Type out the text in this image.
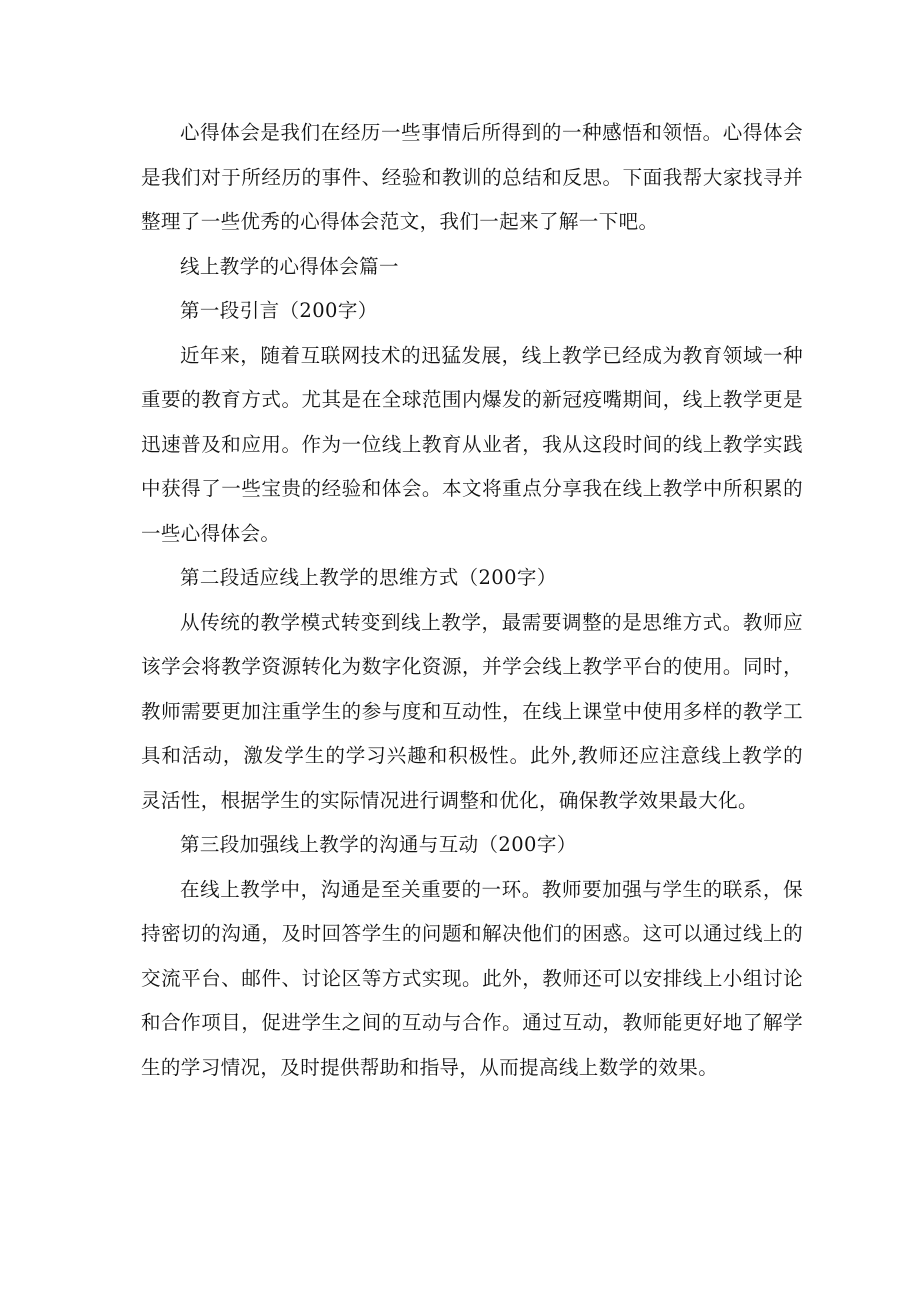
心得体会是我们在经历一些事情后所得到的一种感悟和领悟。心得体会是我们对于所经历的事件、经验和教训的总结和反思。下面我帮大家找寻并整理了一些优秀的心得体会范文，我们一起来了解一下吧。

线上教学的心得体会篇一

第一段引言（200字）

近年来，随着互联网技术的迅猛发展，线上教学已经成为教育领域一种重要的教育方式。尤其是在全球范围内爆发的新冠疫嘴期间，线上教学更是迅速普及和应用。作为一位线上教育从业者，我从这段时间的线上教学实践中获得了一些宝贵的经验和体会。本文将重点分享我在线上教学中所积累的一些心得体会。

第二段适应线上教学的思维方式（200字）

从传统的教学模式转变到线上教学，最需要调整的是思维方式。教师应该学会将教学资源转化为数字化资源，并学会线上教学平台的使用。同时，教师需要更加注重学生的参与度和互动性，在线上课堂中使用多样的教学工具和活动，激发学生的学习兴趣和积极性。此外,教师还应注意线上教学的灵活性，根据学生的实际情况进行调整和优化，确保教学效果最大化。

第三段加强线上教学的沟通与互动（200字）

在线上教学中，沟通是至关重要的一环。教师要加强与学生的联系，保持密切的沟通，及时回答学生的问题和解决他们的困惑。这可以通过线上的交流平台、邮件、讨论区等方式实现。此外，教师还可以安排线上小组讨论和合作项目，促进学生之间的互动与合作。通过互动，教师能更好地了解学生的学习情况，及时提供帮助和指导，从而提高线上数学的效果。
